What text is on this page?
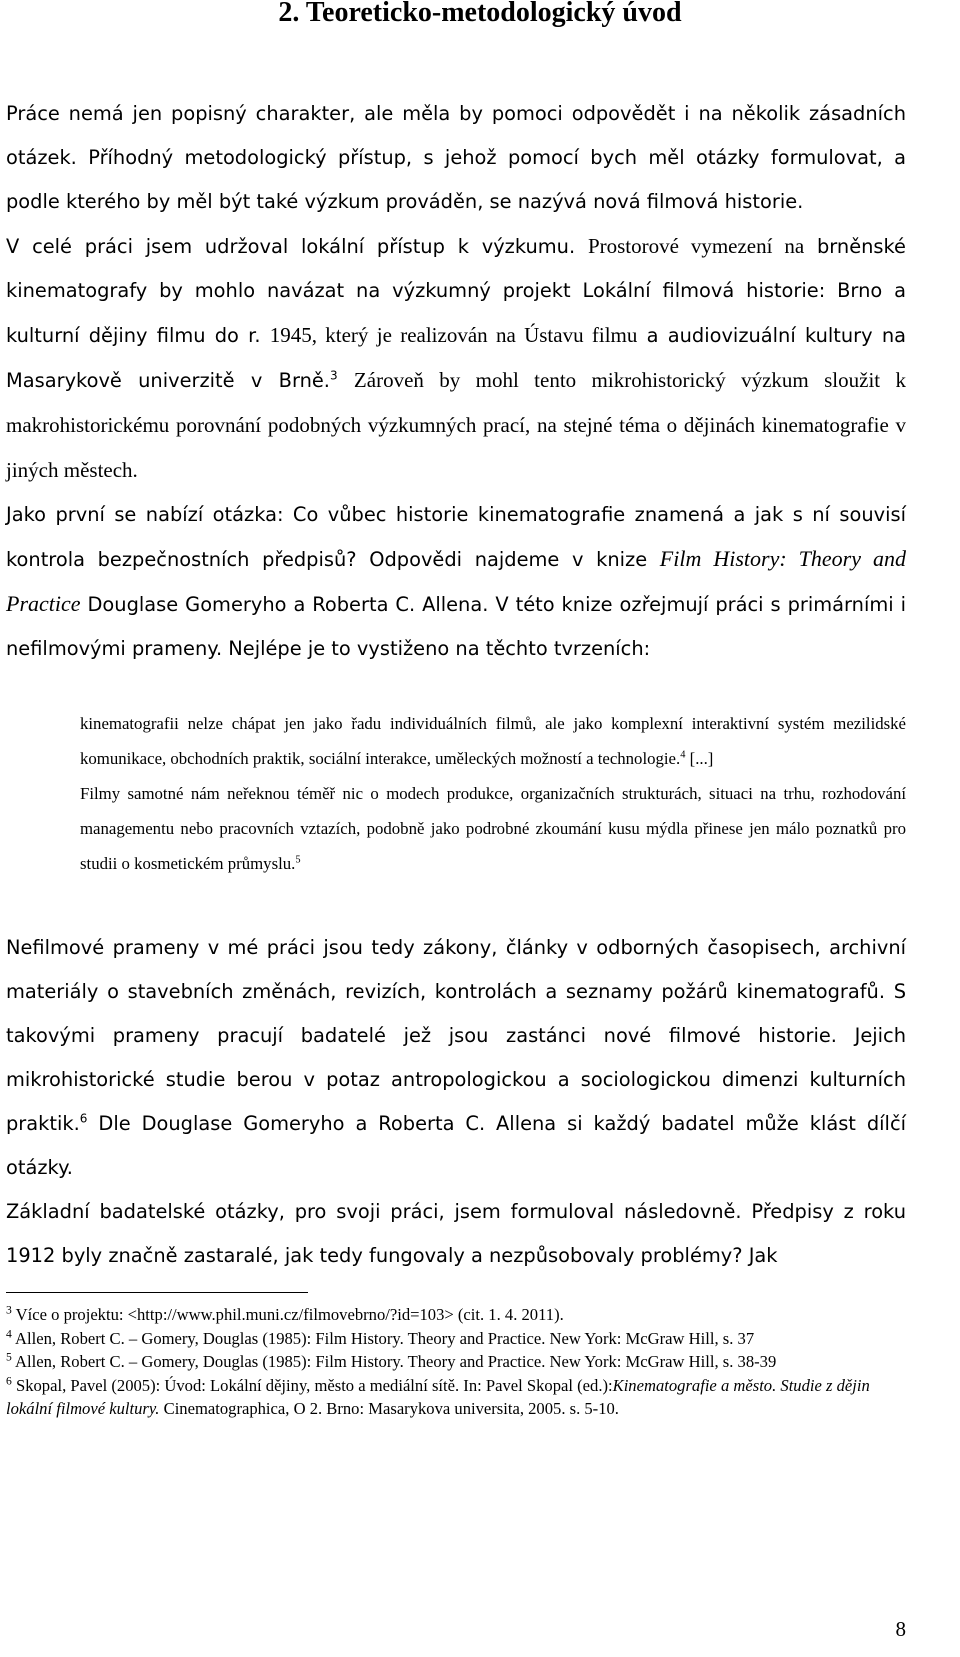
2. Teoreticko-metodologický úvod

Práce nemá jen popisný charakter, ale měla by pomoci odpovědět i na několik zásadních otázek. Příhodný metodologický přístup, s jehož pomocí bych měl otázky formulovat, a podle kterého by měl být také výzkum prováděn, se nazývá nová filmová historie.

V celé práci jsem udržoval lokální přístup k výzkumu. Prostorové vymezení na brněnské kinematografy by mohlo navázat na výzkumný projekt Lokální filmová historie: Brno a kulturní dějiny filmu do r. 1945, který je realizován na Ústavu filmu a audiovizuální kultury na Masarykově univerzitě v Brně.$^3$ Zároveň by mohl tento mikrohistorický výzkum sloužit k makrohistorickému porovnání podobných výzkumných prací, na stejné téma o dějinách kinematografie v jiných městech.

Jako první se nabízí otázka: Co vůbec historie kinematografie znamená a jak s ní souvisí kontrola bezpečnostních předpisů? Odpovědi najdeme v knize Film History: Theory and Practice Douglase Gomeryho a Roberta C. Allena. V této knize ozřejmují práci s primárními i nefilmovými prameny. Nejlépe je to vystiženo na těchto tvrzeních:

kinematografii nelze chápat jen jako řadu individuálních filmů, ale jako komplexní interaktivní systém mezilidské komunikace, obchodních praktik, sociální interakce, uměleckých možností a technologie.$^4$ [...]

Filmy samotné nám neřeknou téměř nic o modech produkce, organizačních strukturách, situaci na trhu, rozhodování managementu nebo pracovních vztazích, podobně jako podrobné zkoumání kusu mýdla přinese jen málo poznatků pro studii o kosmetickém průmyslu.$^5$

Nefilmové prameny v mé práci jsou tedy zákony, články v odborných časopisech, archivní materiály o stavebních změnách, revizích, kontrolách a seznamy požárů kinematografů. S takovými prameny pracují badatelé jež jsou zastánci nové filmové historie. Jejich mikrohistorické studie berou v potaz antropologickou a sociologickou dimenzi kulturních praktik.$^6$ Dle Douglase Gomeryho a Roberta C. Allena si každý badatel může klást dílčí otázky.

Základní badatelské otázky, pro svoji práci, jsem formuloval následovně. Předpisy z roku 1912 byly značně zastaralé, jak tedy fungovaly a nezpůsobovaly problémy? Jak

$^3$ Více o projektu: <http://www.phil.muni.cz/filmovebrno/?id=103> (cit. 1. 4. 2011).

$^4$ Allen, Robert C. – Gomery, Douglas (1985): Film History. Theory and Practice. New York: McGraw Hill, s. 37

$^5$ Allen, Robert C. – Gomery, Douglas (1985): Film History. Theory and Practice. New York: McGraw Hill, s. 38-39

$^6$ Skopal, Pavel (2005): Úvod: Lokální dějiny, město a mediální sítě. In: Pavel Skopal (ed.):Kinematografie a město. Studie z dějin lokální filmové kultury. Cinematographica, O 2. Brno: Masarykova universita, 2005. s. 5-10.

8
